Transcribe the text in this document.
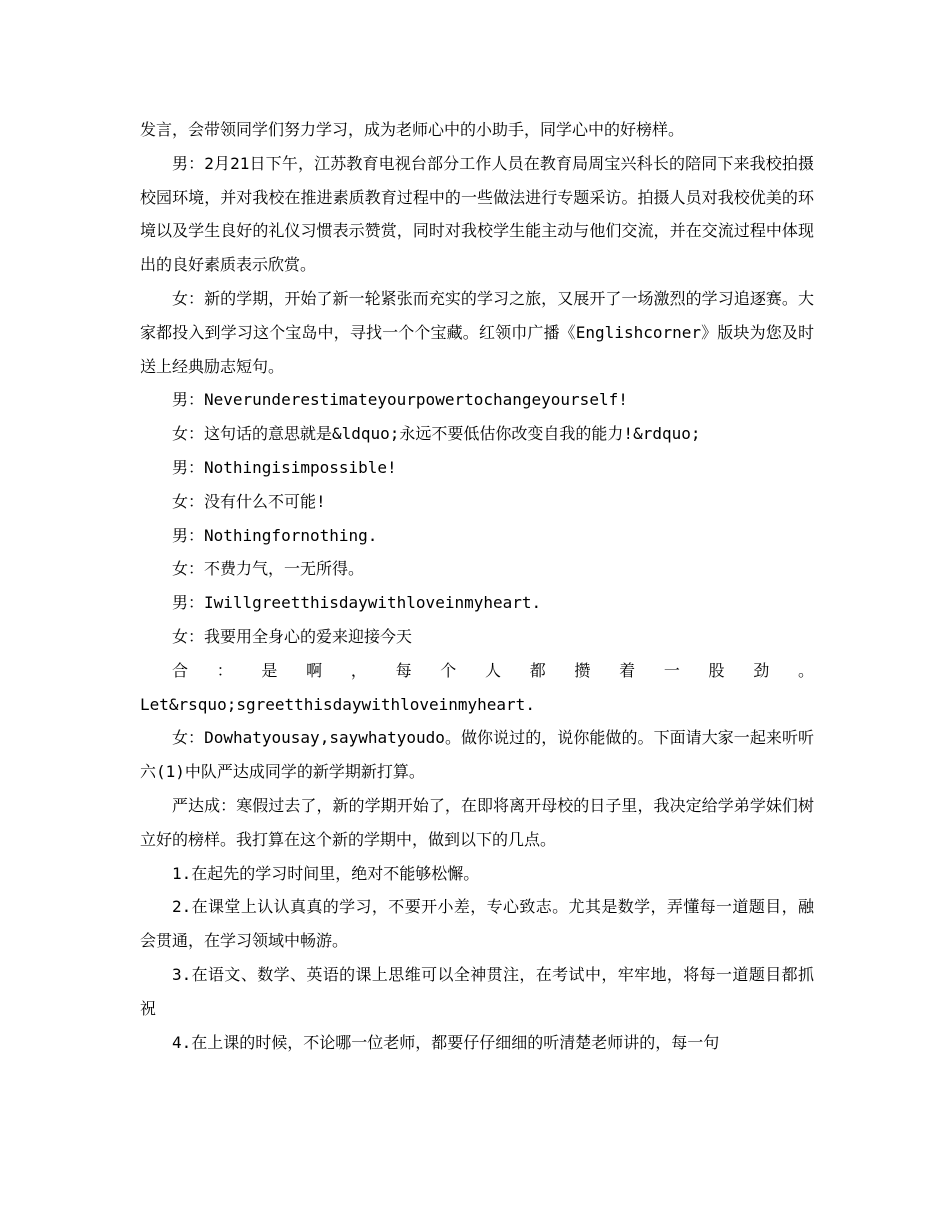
发言，会带领同学们努力学习，成为老师心中的小助手，同学心中的好榜样。

男：2月21日下午，江苏教育电视台部分工作人员在教育局周宝兴科长的陪同下来我校拍摄校园环境，并对我校在推进素质教育过程中的一些做法进行专题采访。拍摄人员对我校优美的环境以及学生良好的礼仪习惯表示赞赏，同时对我校学生能主动与他们交流，并在交流过程中体现出的良好素质表示欣赏。

女：新的学期，开始了新一轮紧张而充实的学习之旅，又展开了一场激烈的学习追逐赛。大家都投入到学习这个宝岛中，寻找一个个宝藏。红领巾广播《Englishcorner》版块为您及时送上经典励志短句。

男：Neverunderestimateyourpowertochangeyourself!

女：这句话的意思就是&ldquo;永远不要低估你改变自我的能力!&rdquo;

男：Nothingisimpossible!

女：没有什么不可能!

男：Nothingfornothing.

女：不费力气，一无所得。

男：Iwillgreetthisdaywithloveinmyheart.

女：我要用全身心的爱来迎接今天

合：是啊，每个人都攒着一股劲。

Let&rsquo;sgreetthisdaywithloveinmyheart.

女：Dowhatyousay,saywhatyoudo。做你说过的，说你能做的。下面请大家一起来听听六(1)中队严达成同学的新学期新打算。

严达成：寒假过去了，新的学期开始了，在即将离开母校的日子里，我决定给学弟学妹们树立好的榜样。我打算在这个新的学期中，做到以下的几点。

1.在起先的学习时间里，绝对不能够松懈。

2.在课堂上认认真真的学习，不要开小差，专心致志。尤其是数学，弄懂每一道题目，融会贯通，在学习领域中畅游。

3.在语文、数学、英语的课上思维可以全神贯注，在考试中，牢牢地，将每一道题目都抓祝

4.在上课的时候，不论哪一位老师，都要仔仔细细的听清楚老师讲的，每一句
